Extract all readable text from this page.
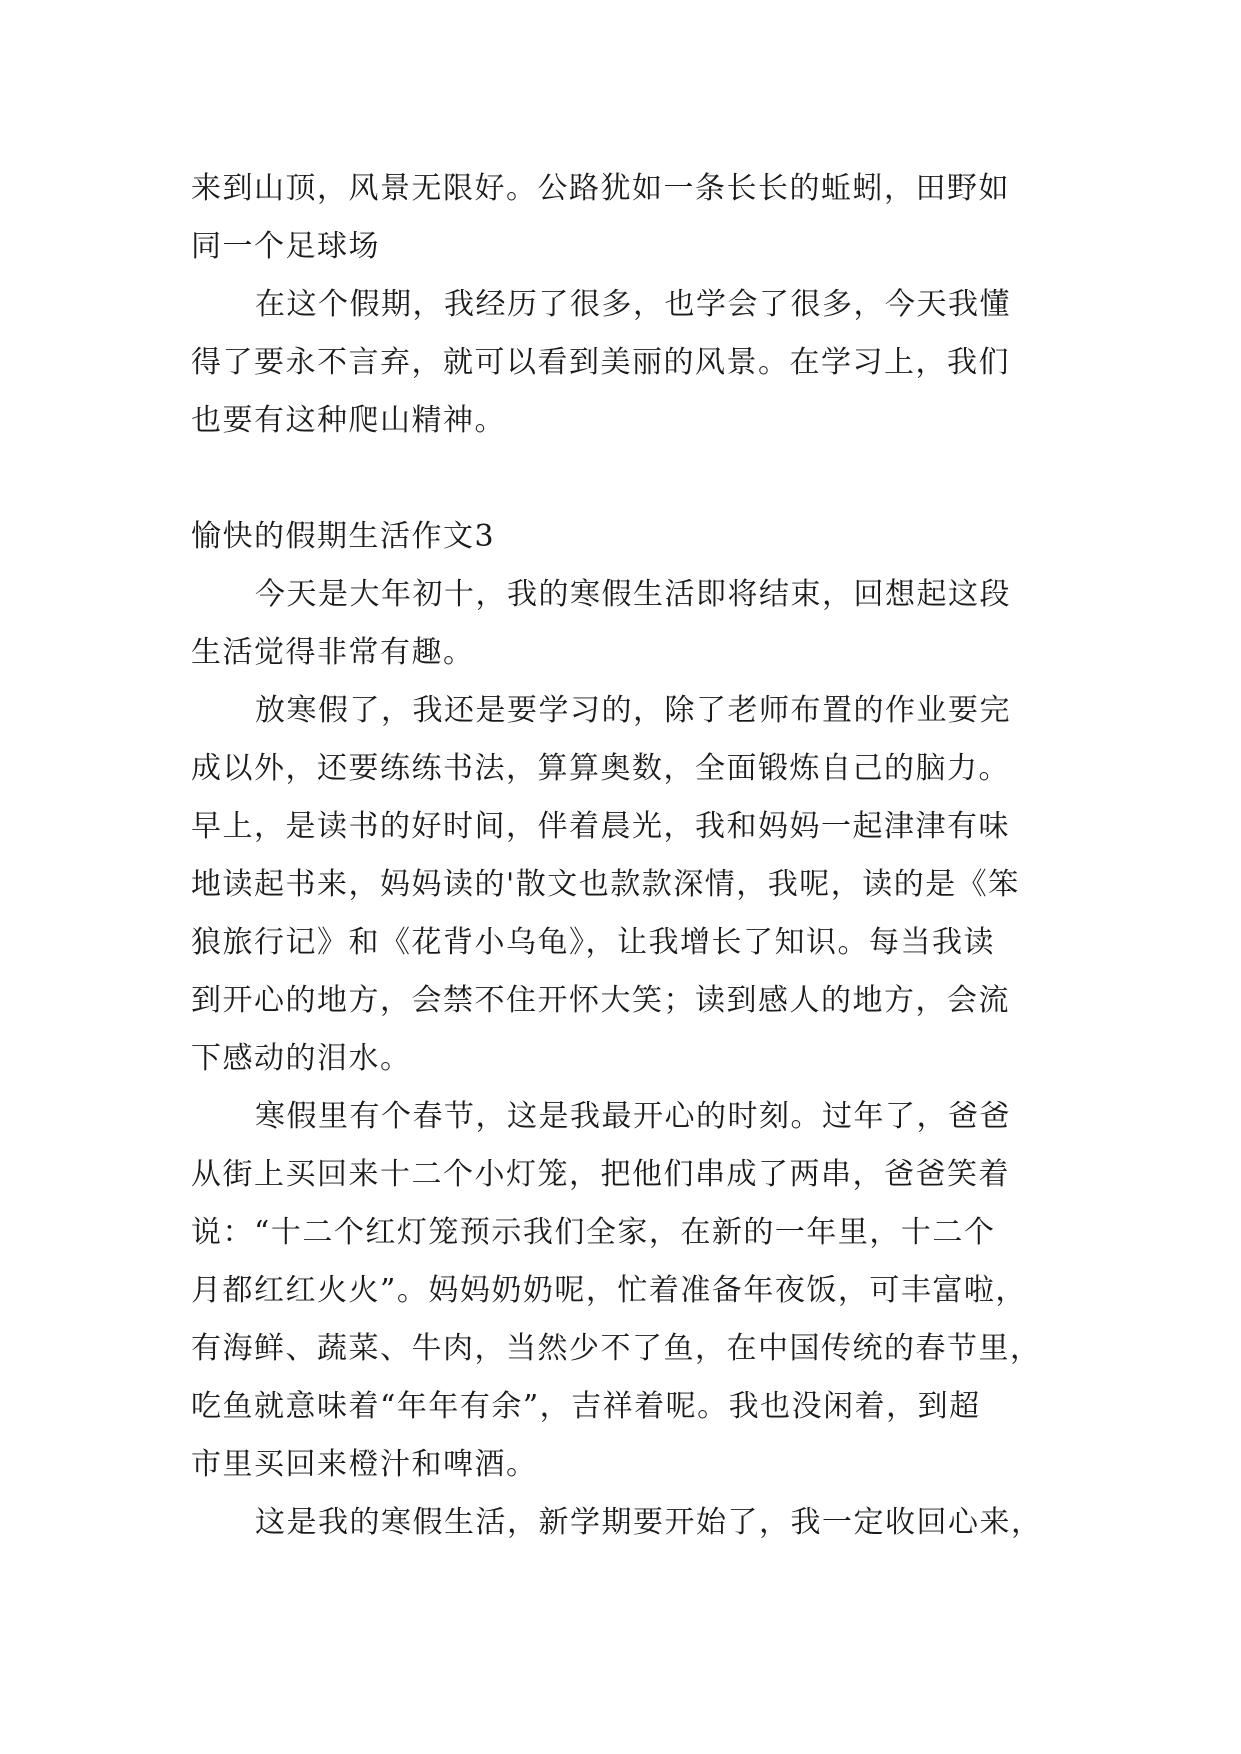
来到山顶，风景无限好。公路犹如一条长长的蚯蚓，田野如
同一个足球场
在这个假期，我经历了很多，也学会了很多，今天我懂
得了要永不言弃，就可以看到美丽的风景。在学习上，我们
也要有这种爬山精神。
愉快的假期生活作文3
今天是大年初十，我的寒假生活即将结束，回想起这段
生活觉得非常有趣。
放寒假了，我还是要学习的，除了老师布置的作业要完
成以外，还要练练书法，算算奥数，全面锻炼自己的脑力。
早上，是读书的好时间，伴着晨光，我和妈妈一起津津有味
地读起书来，妈妈读的'散文也款款深情，我呢，读的是《笨
狼旅行记》和《花背小乌龟》，让我增长了知识。每当我读
到开心的地方，会禁不住开怀大笑；读到感人的地方，会流
下感动的泪水。
寒假里有个春节，这是我最开心的时刻。过年了，爸爸
从街上买回来十二个小灯笼，把他们串成了两串，爸爸笑着
说：“十二个红灯笼预示我们全家，在新的一年里，十二个
月都红红火火”。妈妈奶奶呢，忙着准备年夜饭，可丰富啦，
有海鲜、蔬菜、牛肉，当然少不了鱼，在中国传统的春节里，
吃鱼就意味着“年年有余”，吉祥着呢。我也没闲着，到超
市里买回来橙汁和啤酒。
这是我的寒假生活，新学期要开始了，我一定收回心来，
